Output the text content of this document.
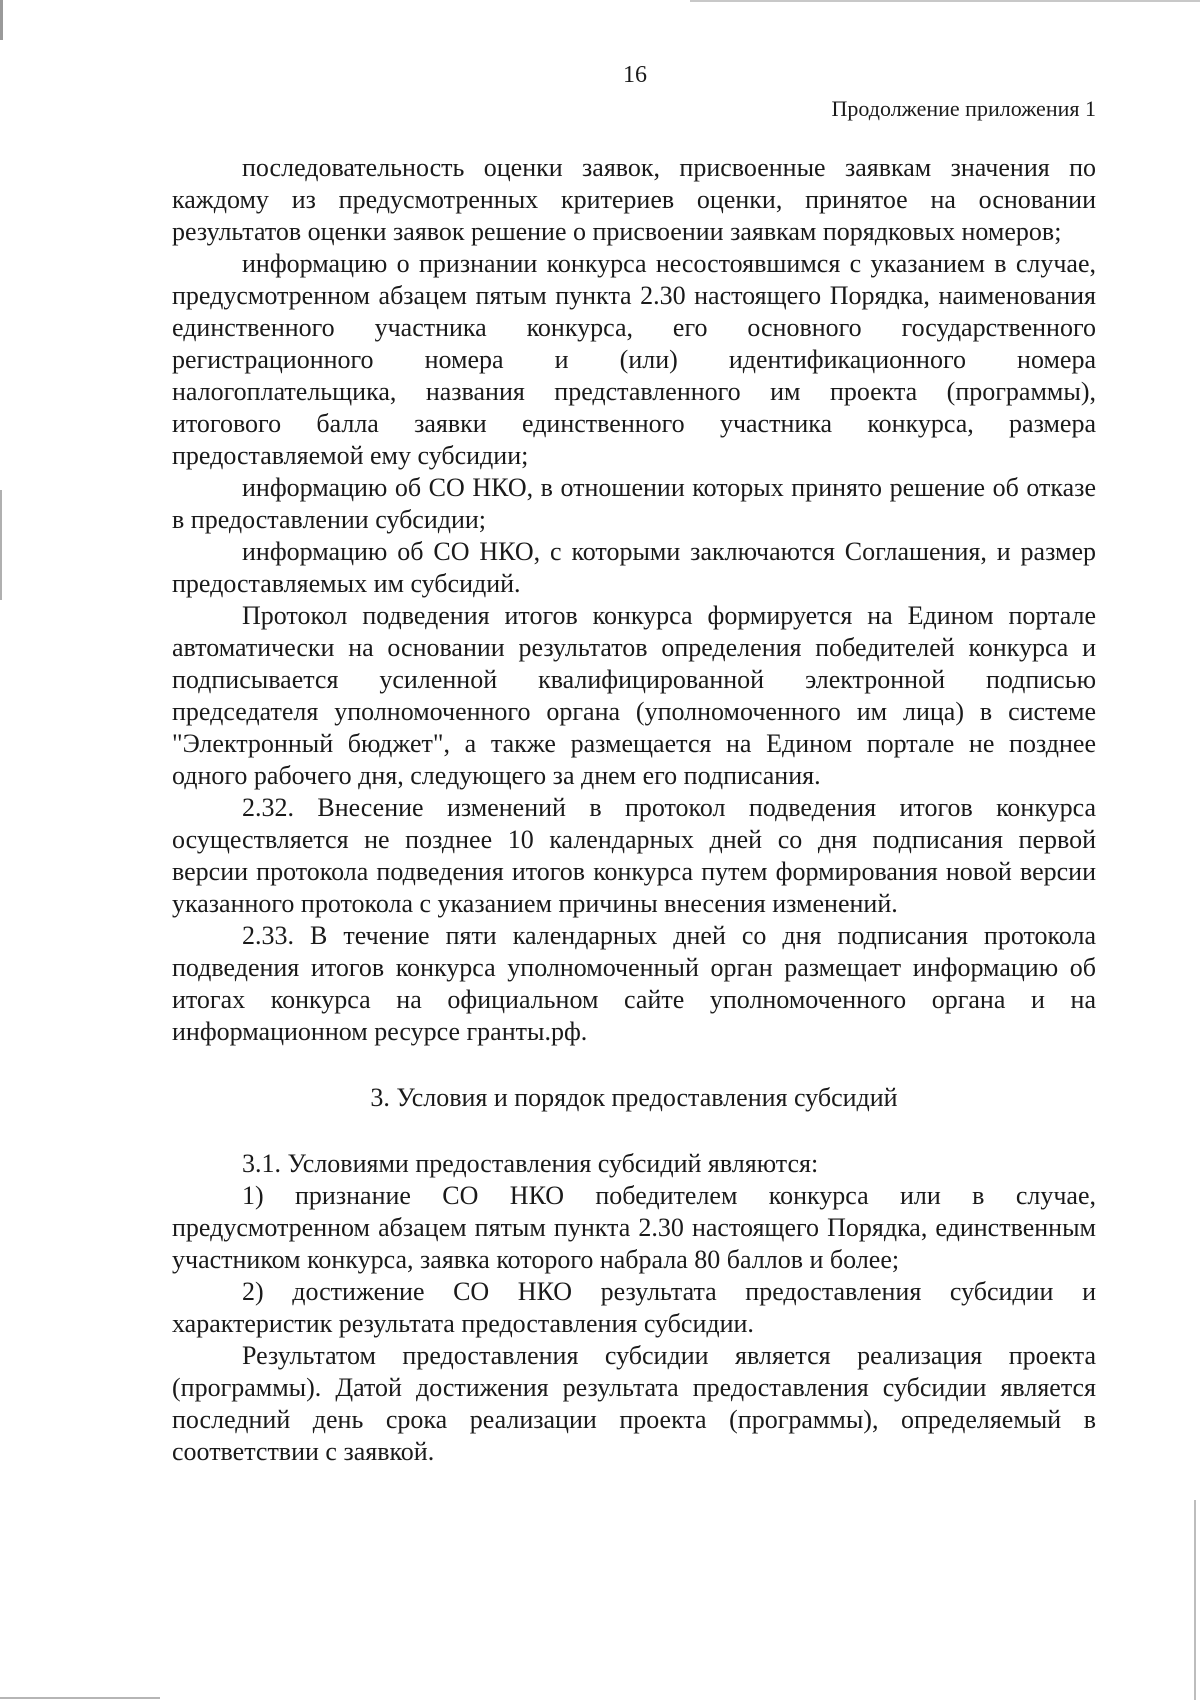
16
Продолжение приложения 1

последовательность оценки заявок, присвоенные заявкам значения по каждому из предусмотренных критериев оценки, принятое на основании результатов оценки заявок решение о присвоении заявкам порядковых номеров;

информацию о признании конкурса несостоявшимся с указанием в случае, предусмотренном абзацем пятым пункта 2.30 настоящего Порядка, наименования единственного участника конкурса, его основного государственного регистрационного номера и (или) идентификационного номера налогоплательщика, названия представленного им проекта (программы), итогового балла заявки единственного участника конкурса, размера предоставляемой ему субсидии;

информацию об СО НКО, в отношении которых принято решение об отказе в предоставлении субсидии;

информацию об СО НКО, с которыми заключаются Соглашения, и размер предоставляемых им субсидий.

Протокол подведения итогов конкурса формируется на Едином портале автоматически на основании результатов определения победителей конкурса и подписывается усиленной квалифицированной электронной подписью председателя уполномоченного органа (уполномоченного им лица) в системе "Электронный бюджет", а также размещается на Едином портале не позднее одного рабочего дня, следующего за днем его подписания.

2.32. Внесение изменений в протокол подведения итогов конкурса осуществляется не позднее 10 календарных дней со дня подписания первой версии протокола подведения итогов конкурса путем формирования новой версии указанного протокола с указанием причины внесения изменений.

2.33. В течение пяти календарных дней со дня подписания протокола подведения итогов конкурса уполномоченный орган размещает информацию об итогах конкурса на официальном сайте уполномоченного органа и на информационном ресурсе гранты.рф.

3. Условия и порядок предоставления субсидий

3.1. Условиями предоставления субсидий являются:

1) признание СО НКО победителем конкурса или в случае, предусмотренном абзацем пятым пункта 2.30 настоящего Порядка, единственным участником конкурса, заявка которого набрала 80 баллов и более;

2) достижение СО НКО результата предоставления субсидии и характеристик результата предоставления субсидии.

Результатом предоставления субсидии является реализация проекта (программы). Датой достижения результата предоставления субсидии является последний день срока реализации проекта (программы), определяемый в соответствии с заявкой.
